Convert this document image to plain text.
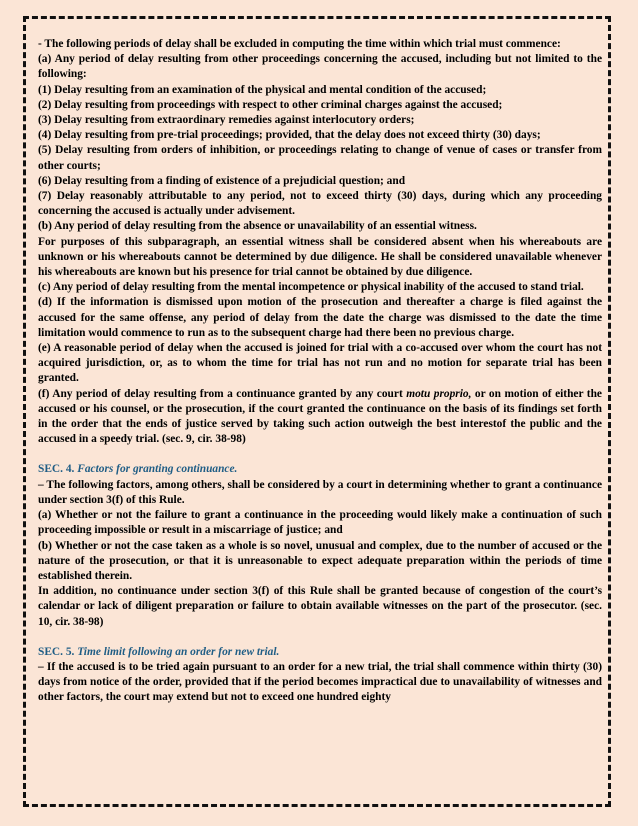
- The following periods of delay shall be excluded in computing the time within which trial must commence:

(a) Any period of delay resulting from other proceedings concerning the accused, including but not limited to the following:

(1) Delay resulting from an examination of the physical and mental condition of the accused;

(2) Delay resulting from proceedings with respect to other criminal charges against the accused;

(3) Delay resulting from extraordinary remedies against interlocutory orders;

(4) Delay resulting from pre-trial proceedings; provided, that the delay does not exceed thirty (30) days;

(5) Delay resulting from orders of inhibition, or proceedings relating to change of venue of cases or transfer from other courts;

(6) Delay resulting from a finding of existence of a prejudicial question; and

(7) Delay reasonably attributable to any period, not to exceed thirty (30) days, during which any proceeding concerning the accused is actually under advisement.

(b) Any period of delay resulting from the absence or unavailability of an essential witness.

For purposes of this subparagraph, an essential witness shall be considered absent when his whereabouts are unknown or his whereabouts cannot be determined by due diligence. He shall be considered unavailable whenever his whereabouts are known but his presence for trial cannot be obtained by due diligence.

(c) Any period of delay resulting from the mental incompetence or physical inability of the accused to stand trial.

(d) If the information is dismissed upon motion of the prosecution and thereafter a charge is filed against the accused for the same offense, any period of delay from the date the charge was dismissed to the date the time limitation would commence to run as to the subsequent charge had there been no previous charge.

(e) A reasonable period of delay when the accused is joined for trial with a co-accused over whom the court has not acquired jurisdiction, or, as to whom the time for trial has not run and no motion for separate trial has been granted.

(f) Any period of delay resulting from a continuance granted by any court motu proprio, or on motion of either the accused or his counsel, or the prosecution, if the court granted the continuance on the basis of its findings set forth in the order that the ends of justice served by taking such action outweigh the best interestof the public and the accused in a speedy trial. (sec. 9, cir. 38-98)

SEC. 4. Factors for granting continuance.

– The following factors, among others, shall be considered by a court in determining whether to grant a continuance under section 3(f) of this Rule.

(a) Whether or not the failure to grant a continuance in the proceeding would likely make a continuation of such proceeding impossible or result in a miscarriage of justice; and

(b) Whether or not the case taken as a whole is so novel, unusual and complex, due to the number of accused or the nature of the prosecution, or that it is unreasonable to expect adequate preparation within the periods of time established therein.

In addition, no continuance under section 3(f) of this Rule shall be granted because of congestion of the court’s calendar or lack of diligent preparation or failure to obtain available witnesses on the part of the prosecutor. (sec. 10, cir. 38-98)

SEC. 5. Time limit following an order for new trial.

– If the accused is to be tried again pursuant to an order for a new trial, the trial shall commence within thirty (30) days from notice of the order, provided that if the period becomes impractical due to unavailability of witnesses and other factors, the court may extend but not to exceed one hundred eighty
